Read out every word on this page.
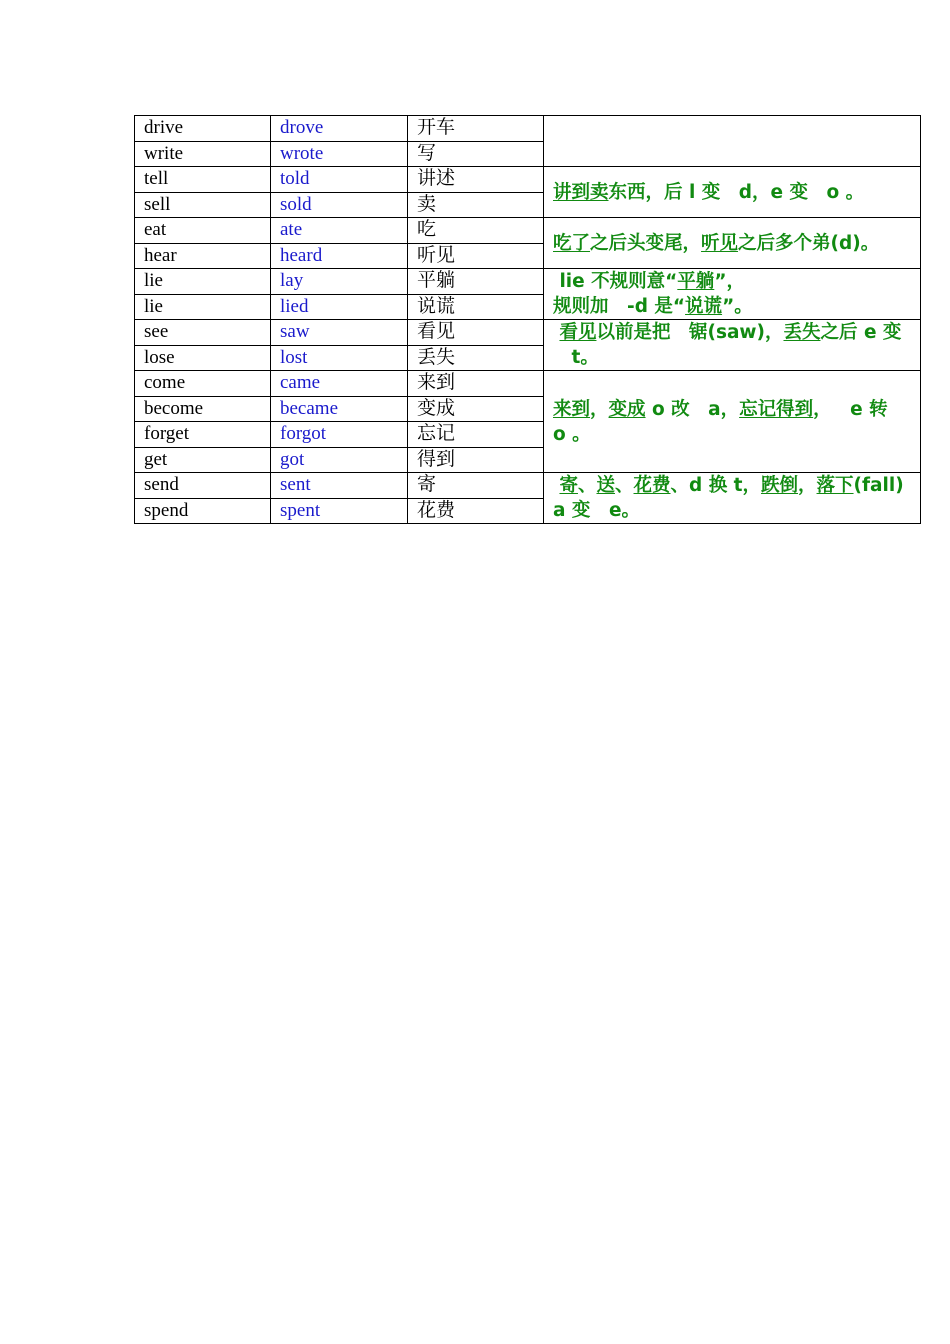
drive	drove	开车	
write	wrote	写	
tell	told	讲述	讲到卖东西，后 l 变 d，e 变 o 。
sell	sold	卖	
eat	ate	吃	吃了之后头变尾，听见之后多个弟(d)。
hear	heard	听见	
lie	lay	平躺	lie 不规则意“平躺”，
规则加 -d 是“说谎”。
lie	lied	说谎	
see	saw	看见	看见以前是把 锯(saw)，丢失之后 e 变t。
lose	lost	丢失	
come	came	来到	来到，变成 o 改 a，忘记得到， e 转o 。
become	became	变成	
forget	forgot	忘记	
get	got	得到	
send	sent	寄	寄、送、花费、d 换 t，跌倒，落下(fall) a 变 e。
spend	spent	花费	
